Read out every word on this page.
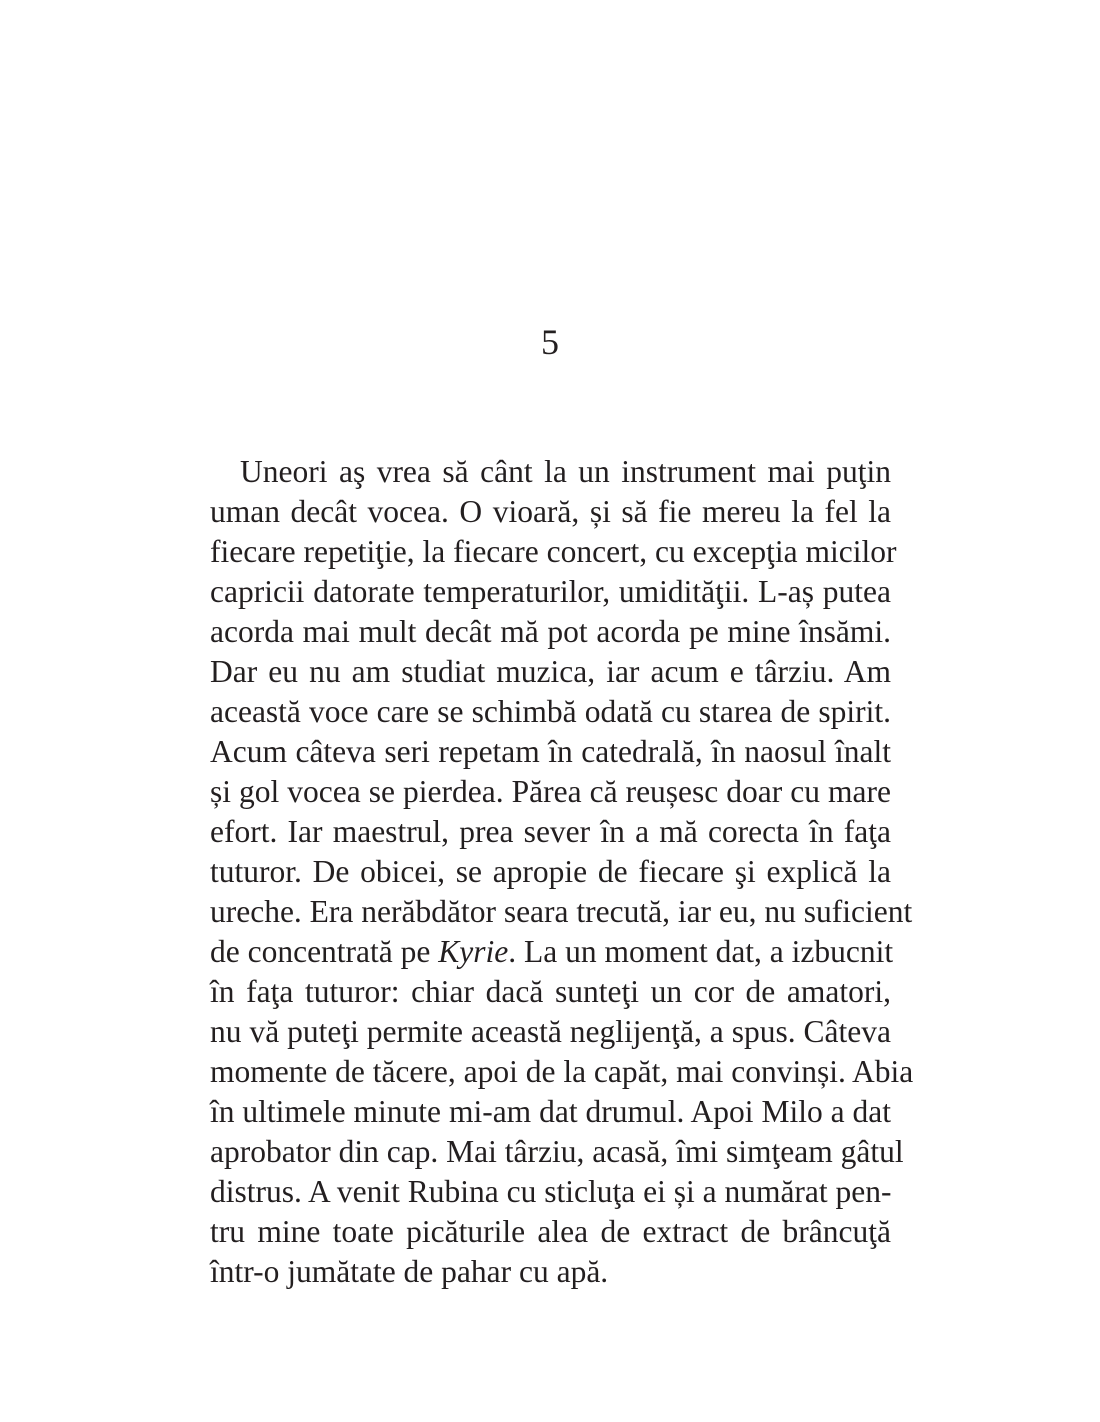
5
Uneori aş vrea să cânt la un instrument mai puţin
uman decât vocea. O vioară, și să fie mereu la fel la
fiecare repetiţie, la fiecare concert, cu excepţia micilor
capricii datorate temperaturilor, umidităţii. L-aș putea
acorda mai mult decât mă pot acorda pe mine însămi.
Dar eu nu am studiat muzica, iar acum e târziu. Am
această voce care se schimbă odată cu starea de spirit.
Acum câteva seri repetam în catedrală, în naosul înalt
și gol vocea se pierdea. Părea că reușesc doar cu mare
efort. Iar maestrul, prea sever în a mă corecta în faţa
tuturor. De obicei, se apropie de fiecare şi explică la
ureche. Era nerăbdător seara trecută, iar eu, nu suficient
de concentrată pe Kyrie. La un moment dat, a izbucnit
în faţa tuturor: chiar dacă sunteţi un cor de amatori,
nu vă puteţi permite această neglijenţă, a spus. Câteva
momente de tăcere, apoi de la capăt, mai convinși. Abia
în ultimele minute mi-am dat drumul. Apoi Milo a dat
aprobator din cap. Mai târziu, acasă, îmi simţeam gâtul
distrus. A venit Rubina cu sticluţa ei și a numărat pen-
tru mine toate picăturile alea de extract de brâncuţă
într-o jumătate de pahar cu apă.
